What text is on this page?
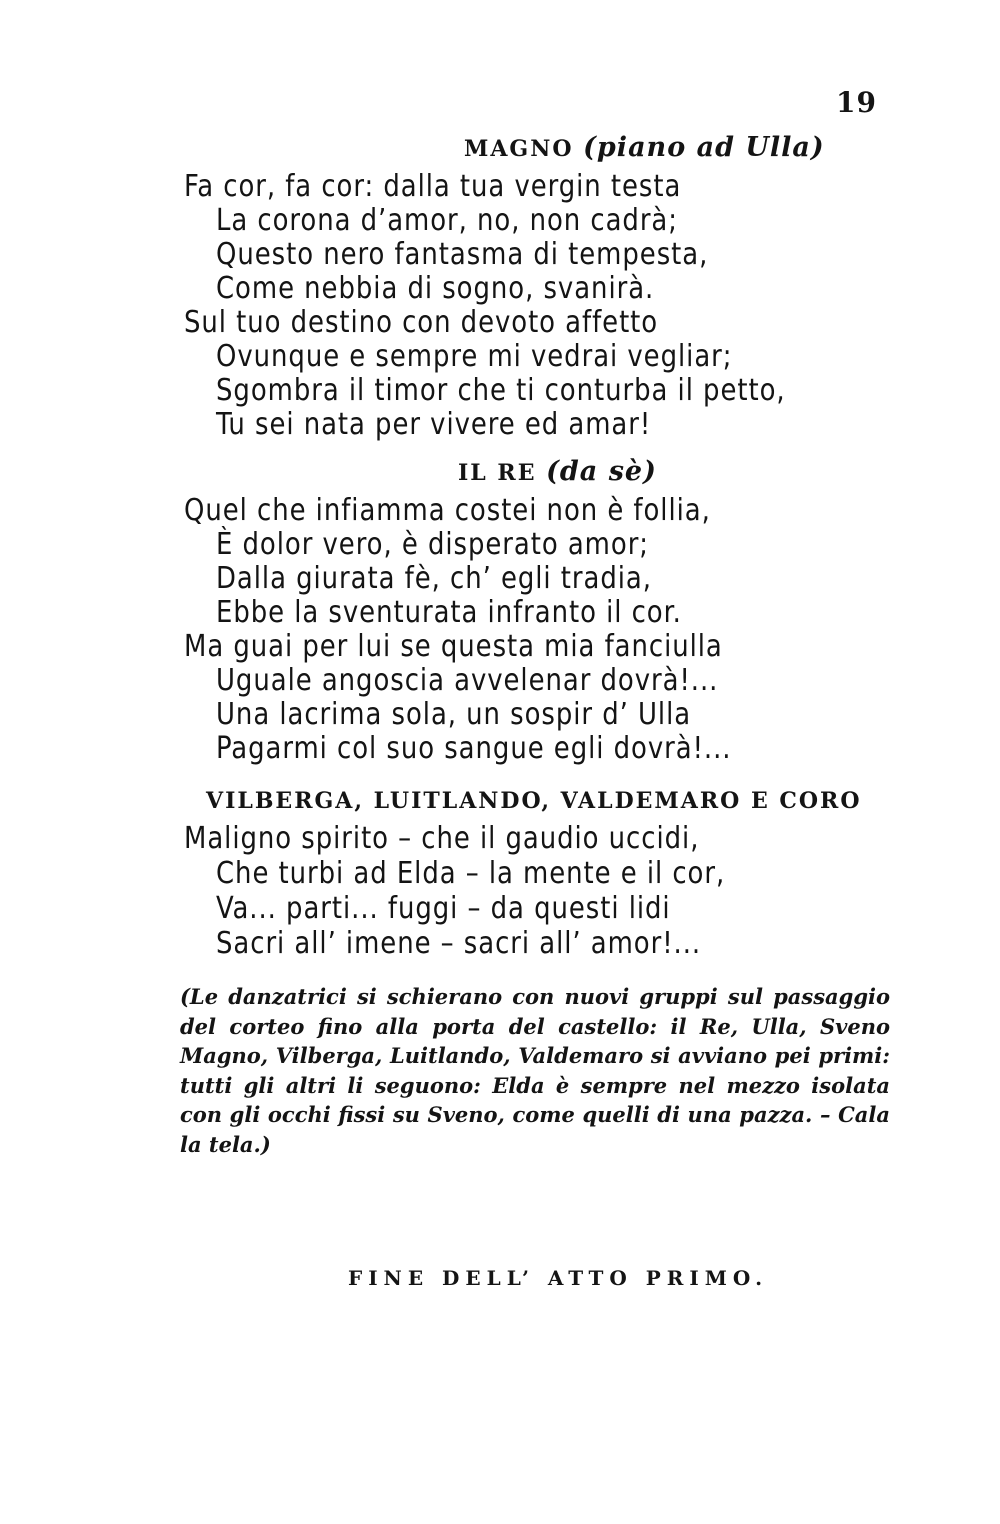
19
MAGNO (piano ad Ulla)
Fa cor, fa cor: dalla tua vergin testa
La corona d’amor, no, non cadrà;
Questo nero fantasma di tempesta,
Come nebbia di sogno, svanirà.
Sul tuo destino con devoto affetto
Ovunque e sempre mi vedrai vegliar;
Sgombra il timor che ti conturba il petto,
Tu sei nata per vivere ed amar!
IL RE (da sè)
Quel che infiamma costei non è follia,
È dolor vero, è disperato amor;
Dalla giurata fè, ch’ egli tradia,
Ebbe la sventurata infranto il cor.
Ma guai per lui se questa mia fanciulla
Uguale angoscia avvelenar dovrà!...
Una lacrima sola, un sospir d’ Ulla
Pagarmi col suo sangue egli dovrà!...
VILBERGA, LUITLANDO, VALDEMARO E CORO
Maligno spirito – che il gaudio uccidi,
Che turbi ad Elda – la mente e il cor,
Va... parti... fuggi – da questi lidi
Sacri all’ imene – sacri all’ amor!...
(Le danzatrici si schierano con nuovi gruppi sul passaggio del corteo fino alla porta del castello: il Re, Ulla, Sveno Magno, Vilberga, Luitlando, Valdemaro si avviano pei primi: tutti gli altri li seguono: Elda è sempre nel mezzo isolata con gli occhi fissi su Sveno, come quelli di una pazza. – Cala la tela.)
FINE DELL’ ATTO PRIMO.
